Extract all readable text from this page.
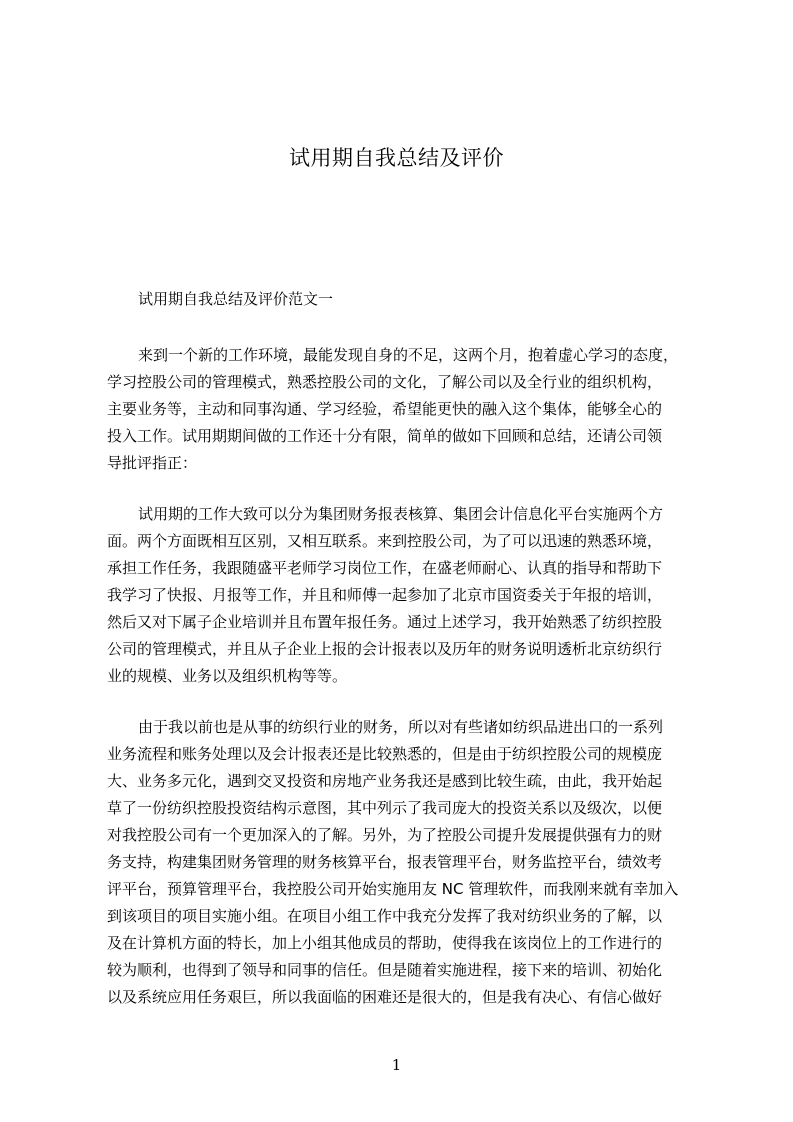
试用期自我总结及评价
试用期自我总结及评价范文一
来到一个新的工作环境，最能发现自身的不足，这两个月，抱着虚心学习的态度，
学习控股公司的管理模式，熟悉控股公司的文化，了解公司以及全行业的组织机构，
主要业务等，主动和同事沟通、学习经验，希望能更快的融入这个集体，能够全心的
投入工作。试用期期间做的工作还十分有限，简单的做如下回顾和总结，还请公司领
导批评指正：
试用期的工作大致可以分为集团财务报表核算、集团会计信息化平台实施两个方
面。两个方面既相互区别，又相互联系。来到控股公司，为了可以迅速的熟悉环境，
承担工作任务，我跟随盛平老师学习岗位工作，在盛老师耐心、认真的指导和帮助下
我学习了快报、月报等工作，并且和师傅一起参加了北京市国资委关于年报的培训，
然后又对下属子企业培训并且布置年报任务。通过上述学习，我开始熟悉了纺织控股
公司的管理模式，并且从子企业上报的会计报表以及历年的财务说明透析北京纺织行
业的规模、业务以及组织机构等等。
由于我以前也是从事的纺织行业的财务，所以对有些诸如纺织品进出口的一系列
业务流程和账务处理以及会计报表还是比较熟悉的，但是由于纺织控股公司的规模庞
大、业务多元化，遇到交叉投资和房地产业务我还是感到比较生疏，由此，我开始起
草了一份纺织控股投资结构示意图，其中列示了我司庞大的投资关系以及级次，以便
对我控股公司有一个更加深入的了解。另外，为了控股公司提升发展提供强有力的财
务支持，构建集团财务管理的财务核算平台，报表管理平台，财务监控平台，绩效考
评平台，预算管理平台，我控股公司开始实施用友 NC 管理软件，而我刚来就有幸加入
到该项目的项目实施小组。在项目小组工作中我充分发挥了我对纺织业务的了解，以
及在计算机方面的特长，加上小组其他成员的帮助，使得我在该岗位上的工作进行的
较为顺利，也得到了领导和同事的信任。但是随着实施进程，接下来的培训、初始化
以及系统应用任务艰巨，所以我面临的困难还是很大的，但是我有决心、有信心做好
1
